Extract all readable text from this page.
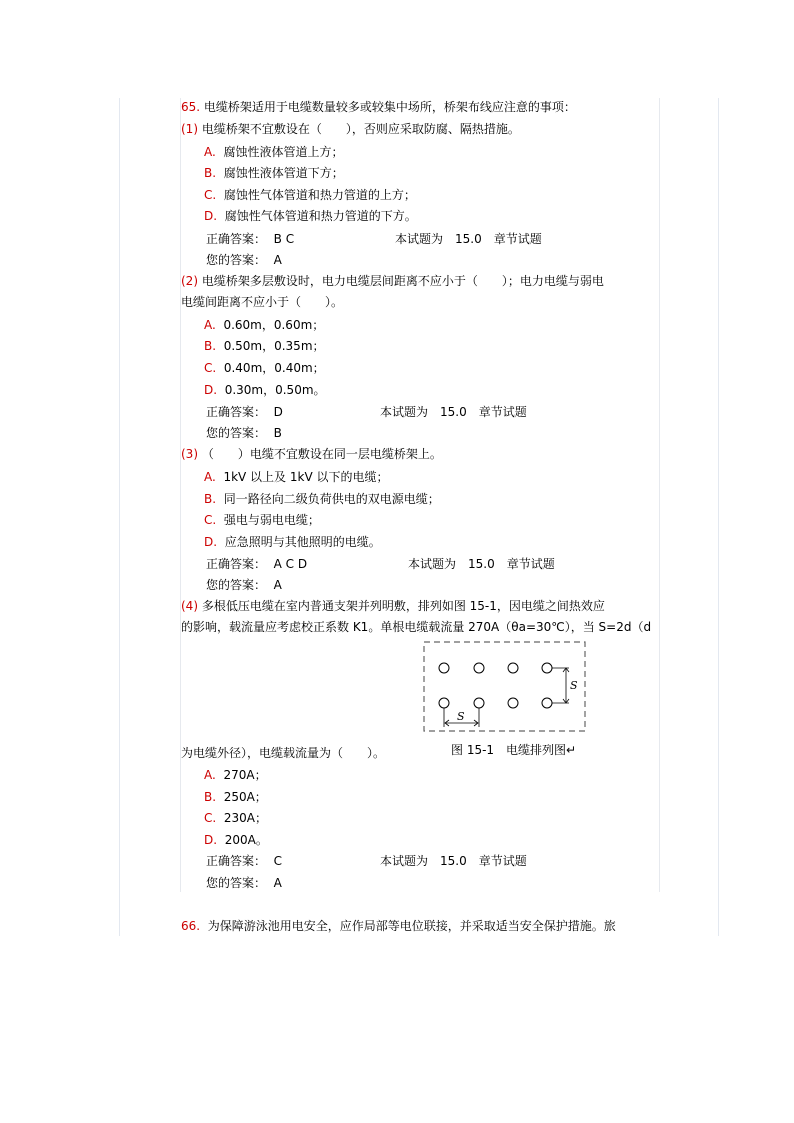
65. 电缆桥架适用于电缆数量较多或较集中场所，桥架布线应注意的事项：
(1) 电缆桥架不宜敷设在（　　），否则应采取防腐、隔热措施。
A. 腐蚀性液体管道上方；
B. 腐蚀性液体管道下方；
C. 腐蚀性气体管道和热力管道的上方；
D. 腐蚀性气体管道和热力管道的下方。
正确答案： B C	本试题为　15.0　章节试题
您的答案： A
(2) 电缆桥架多层敷设时，电力电缆层间距离不应小于（　　）；电力电缆与弱电
电缆间距离不应小于（　　）。
A. 0.60m，0.60m；
B. 0.50m，0.35m；
C. 0.40m，0.40m；
D. 0.30m，0.50m。
正确答案： D	本试题为　15.0　章节试题
您的答案： B
(3) （　　）电缆不宜敷设在同一层电缆桥架上。
A. 1kV 以上及 1kV 以下的电缆；
B. 同一路径向二级负荷供电的双电源电缆；
C. 强电与弱电电缆；
D. 应急照明与其他照明的电缆。
正确答案： A C D	本试题为　15.0　章节试题
您的答案： A
(4) 多根低压电缆在室内普通支架并列明敷，排列如图 15-1，因电缆之间热效应
的影响，载流量应考虑校正系数 K1。单根电缆载流量 270A（θa=30℃），当 S=2d（d
S
S
为电缆外径），电缆载流量为（　　）。	图 15-1　电缆排列图↵
A. 270A；
B. 250A；
C. 230A；
D. 200A。
正确答案： C	本试题为　15.0　章节试题
您的答案： A
66. 为保障游泳池用电安全，应作局部等电位联接，并采取适当安全保护措施。旅
